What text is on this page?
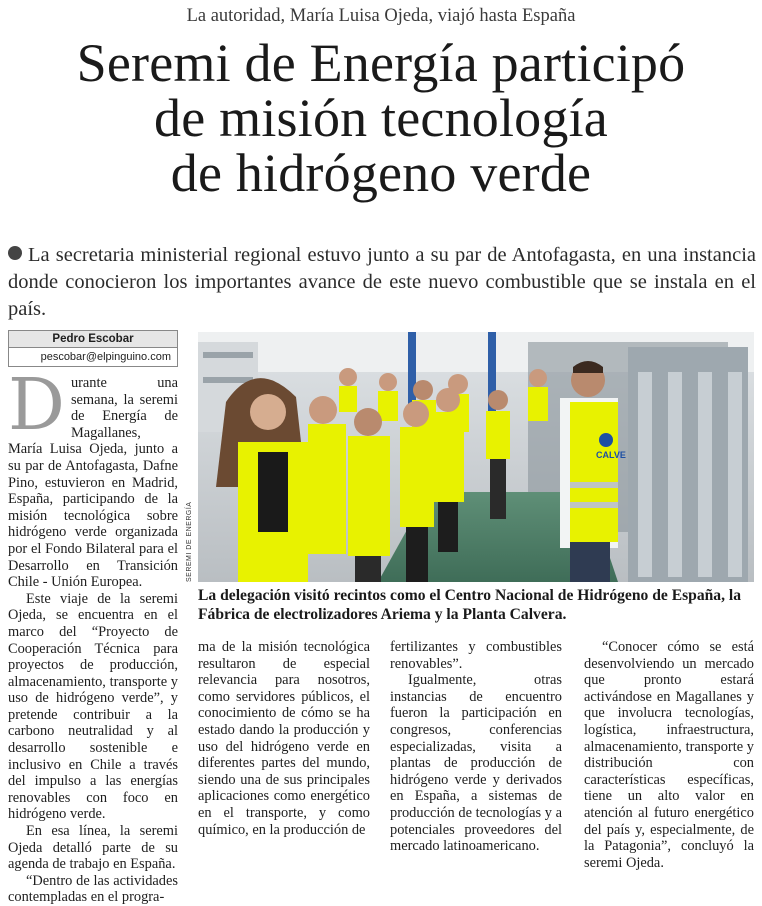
La autoridad, María Luisa Ojeda, viajó hasta España
Seremi de Energía participó
de misión tecnología
de hidrógeno verde
La secretaria ministerial regional estuvo junto a su par de Antofagasta, en una instancia donde conocieron los importantes avance de este nuevo combustible que se instala en el país.
Pedro Escobar
pescobar@elpinguino.com

Durante una semana, la seremi de Energía de Magallanes, María Luisa Ojeda, junto a su par de Antofagasta, Dafne Pino, estuvieron en Madrid, España, participando de la misión tecnológica sobre hidrógeno verde organizada por el Fondo Bilateral para el Desarrollo en Transición Chile - Unión Europea.

Este viaje de la seremi Ojeda, se encuentra en el marco del “Proyecto de Cooperación Técnica para proyectos de producción, almacenamiento, transporte y uso de hidrógeno verde”, y pretende contribuir a la carbono neutralidad y al desarrollo sostenible e inclusivo en Chile a través del impulso a las energías renovables con foco en hidrógeno verde.

En esa línea, la seremi Ojeda detalló parte de su agenda de trabajo en España.

“Dentro de las actividades contempladas en el progra-

CALVE
SEREMI DE ENERGÍA
La delegación visitó recintos como el Centro Nacional de Hidrógeno de España, la Fábrica de electrolizadores Ariema y la Planta Calvera.

ma de la misión tecnológica resultaron de especial relevancia para nosotros, como servidores públicos, el conocimiento de cómo se ha estado dando la producción y uso del hidrógeno verde en diferentes partes del mundo, siendo una de sus principales aplicaciones como energético en el transporte, y como químico, en la producción de

fertilizantes y combustibles renovables”.

Igualmente, otras instancias de encuentro fueron la participación en congresos, conferencias especializadas, visita a plantas de producción de hidrógeno verde y derivados en España, a sistemas de producción de tecnologías y a potenciales proveedores del mercado latinoamericano.

“Conocer cómo se está desenvolviendo un mercado que pronto estará activándose en Magallanes y que involucra tecnologías, logística, infraestructura, almacenamiento, transporte y distribución con características específicas, tiene un alto valor en atención al futuro energético del país y, especialmente, de la Patagonia”, concluyó la seremi Ojeda.
